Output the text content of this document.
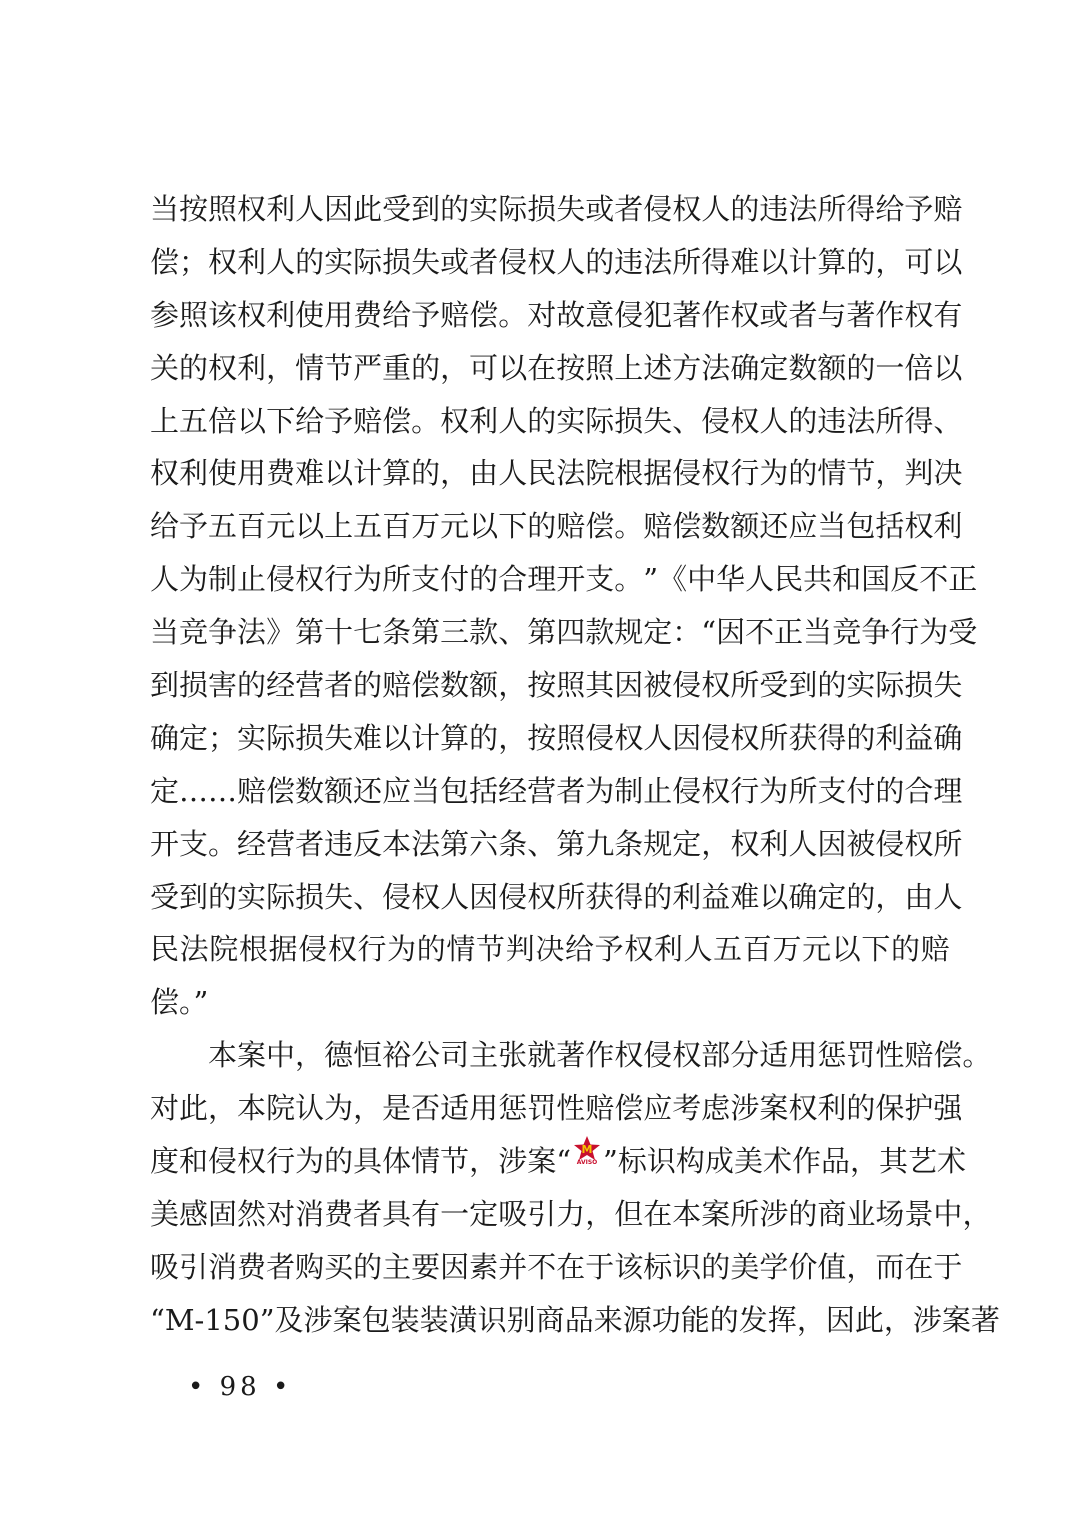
当 按 照 权 利 人 因 此 受 到 的 实 际 损 失 或 者 侵 权 人 的 违 法 所 得 给 予 赔
偿 ； 权 利 人 的 实 际 损 失 或 者 侵 权 人 的 违 法 所 得 难 以 计 算 的 ， 可 以
参 照 该 权 利 使 用 费 给 予 赔 偿 。 对 故 意 侵 犯 著 作 权 或 者 与 著 作 权 有
关 的 权 利 ， 情 节 严 重 的 ， 可 以 在 按 照 上 述 方 法 确 定 数 额 的 一 倍 以
上 五 倍 以 下 给 予 赔 偿 。 权 利 人 的 实 际 损 失 、 侵 权 人 的 违 法 所 得 、
权 利 使 用 费 难 以 计 算 的 ， 由 人 民 法 院 根 据 侵 权 行 为 的 情 节 ， 判 决
给 予 五 百 元 以 上 五 百 万 元 以 下 的 赔 偿 。 赔 偿 数 额 还 应 当 包 括 权 利
人 为 制 止 侵 权 行 为 所 支 付 的 合 理 开 支 。 ” 《 中 华 人 民 共 和 国 反 不 正
当 竞 争 法 》 第 十 七 条 第 三 款 、 第 四 款 规 定 ： “ 因 不 正 当 竞 争 行 为 受
到 损 害 的 经 营 者 的 赔 偿 数 额 ， 按 照 其 因 被 侵 权 所 受 到 的 实 际 损 失
确 定 ； 实 际 损 失 难 以 计 算 的 ， 按 照 侵 权 人 因 侵 权 所 获 得 的 利 益 确
定 …… 赔 偿 数 额 还 应 当 包 括 经 营 者 为 制 止 侵 权 行 为 所 支 付 的 合 理
开 支 。 经 营 者 违 反 本 法 第 六 条 、 第 九 条 规 定 ， 权 利 人 因 被 侵 权 所
受 到 的 实 际 损 失 、 侵 权 人 因 侵 权 所 获 得 的 利 益 难 以 确 定 的 ， 由 人
民 法 院 根 据 侵 权 行 为 的 情 节 判 决 给 予 权 利 人 五 百 万 元 以 下 的 赔
偿。”
本 案 中 ， 德 恒 裕 公 司 主 张 就 著 作 权 侵 权 部 分 适 用 惩 罚 性 赔 偿 。
对 此 ， 本 院 认 为 ， 是 否 适 用 惩 罚 性 赔 偿 应 考 虑 涉 案 权 利 的 保 护 强
度 和 侵 权 行 为 的 具 体 情 节 ， 涉 案 “ M
AVISO ” 标 识 构 成 美 术 作 品 ， 其 艺 术
美 感 固 然 对 消 费 者 具 有 一 定 吸 引 力 ， 但 在 本 案 所 涉 的 商 业 场 景 中 ，
吸 引 消 费 者 购 买 的 主 要 因 素 并 不 在 于 该 标 识 的 美 学 价 值 ， 而 在 于
“ M - 1 5 0 ” 及 涉 案 包 装 装 潢 识 别 商 品 来 源 功 能 的 发 挥 ， 因 此 ， 涉 案 著
• 98 •
